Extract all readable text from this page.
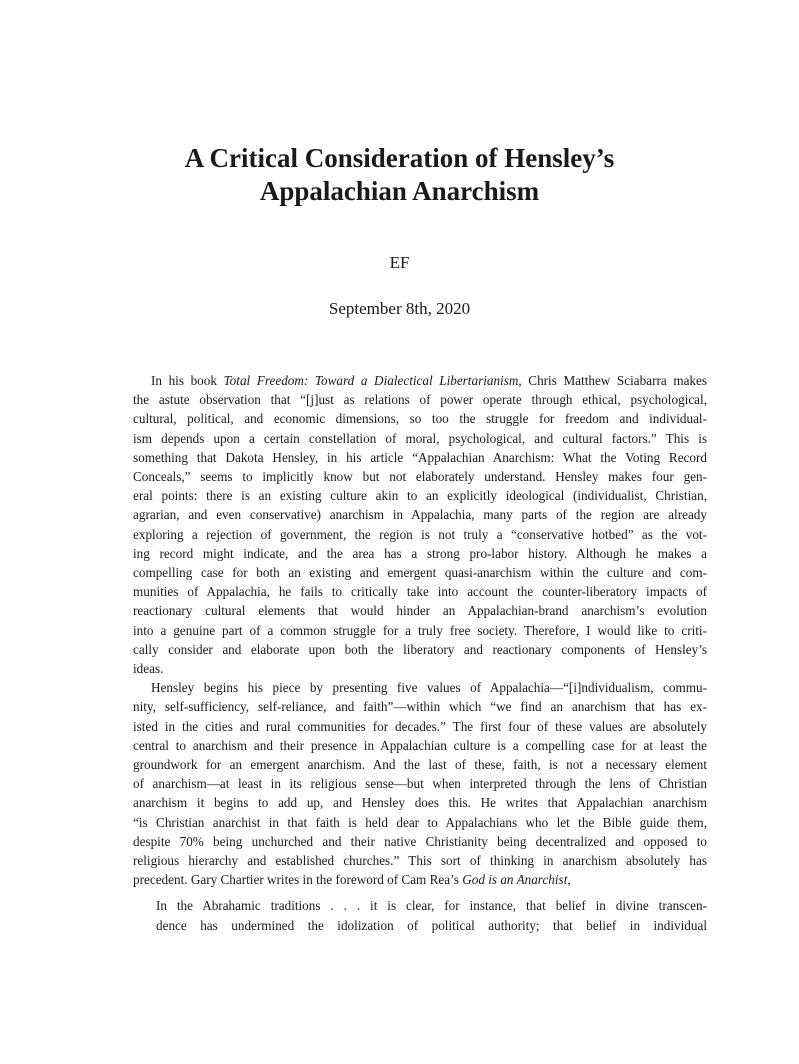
A Critical Consideration of Hensley’s
Appalachian Anarchism
EF
September 8th, 2020
In his book Total Freedom: Toward a Dialectical Libertarianism, Chris Matthew Sciabarra makes
the astute observation that “[j]ust as relations of power operate through ethical, psychological,
cultural, political, and economic dimensions, so too the struggle for freedom and individual-
ism depends upon a certain constellation of moral, psychological, and cultural factors.” This is
something that Dakota Hensley, in his article “Appalachian Anarchism: What the Voting Record
Conceals,” seems to implicitly know but not elaborately understand. Hensley makes four gen-
eral points: there is an existing culture akin to an explicitly ideological (individualist, Christian,
agrarian, and even conservative) anarchism in Appalachia, many parts of the region are already
exploring a rejection of government, the region is not truly a “conservative hotbed” as the vot-
ing record might indicate, and the area has a strong pro-labor history. Although he makes a
compelling case for both an existing and emergent quasi-anarchism within the culture and com-
munities of Appalachia, he fails to critically take into account the counter-liberatory impacts of
reactionary cultural elements that would hinder an Appalachian-brand anarchism’s evolution
into a genuine part of a common struggle for a truly free society. Therefore, I would like to criti-
cally consider and elaborate upon both the liberatory and reactionary components of Hensley’s
ideas.
Hensley begins his piece by presenting five values of Appalachia—“[i]ndividualism, commu-
nity, self-sufficiency, self-reliance, and faith”—within which “we find an anarchism that has ex-
isted in the cities and rural communities for decades.” The first four of these values are absolutely
central to anarchism and their presence in Appalachian culture is a compelling case for at least the
groundwork for an emergent anarchism. And the last of these, faith, is not a necessary element
of anarchism—at least in its religious sense—but when interpreted through the lens of Christian
anarchism it begins to add up, and Hensley does this. He writes that Appalachian anarchism
“is Christian anarchist in that faith is held dear to Appalachians who let the Bible guide them,
despite 70% being unchurched and their native Christianity being decentralized and opposed to
religious hierarchy and established churches.” This sort of thinking in anarchism absolutely has
precedent. Gary Chartier writes in the foreword of Cam Rea’s God is an Anarchist,
In the Abrahamic traditions . . . it is clear, for instance, that belief in divine transcen-
dence has undermined the idolization of political authority; that belief in individual
